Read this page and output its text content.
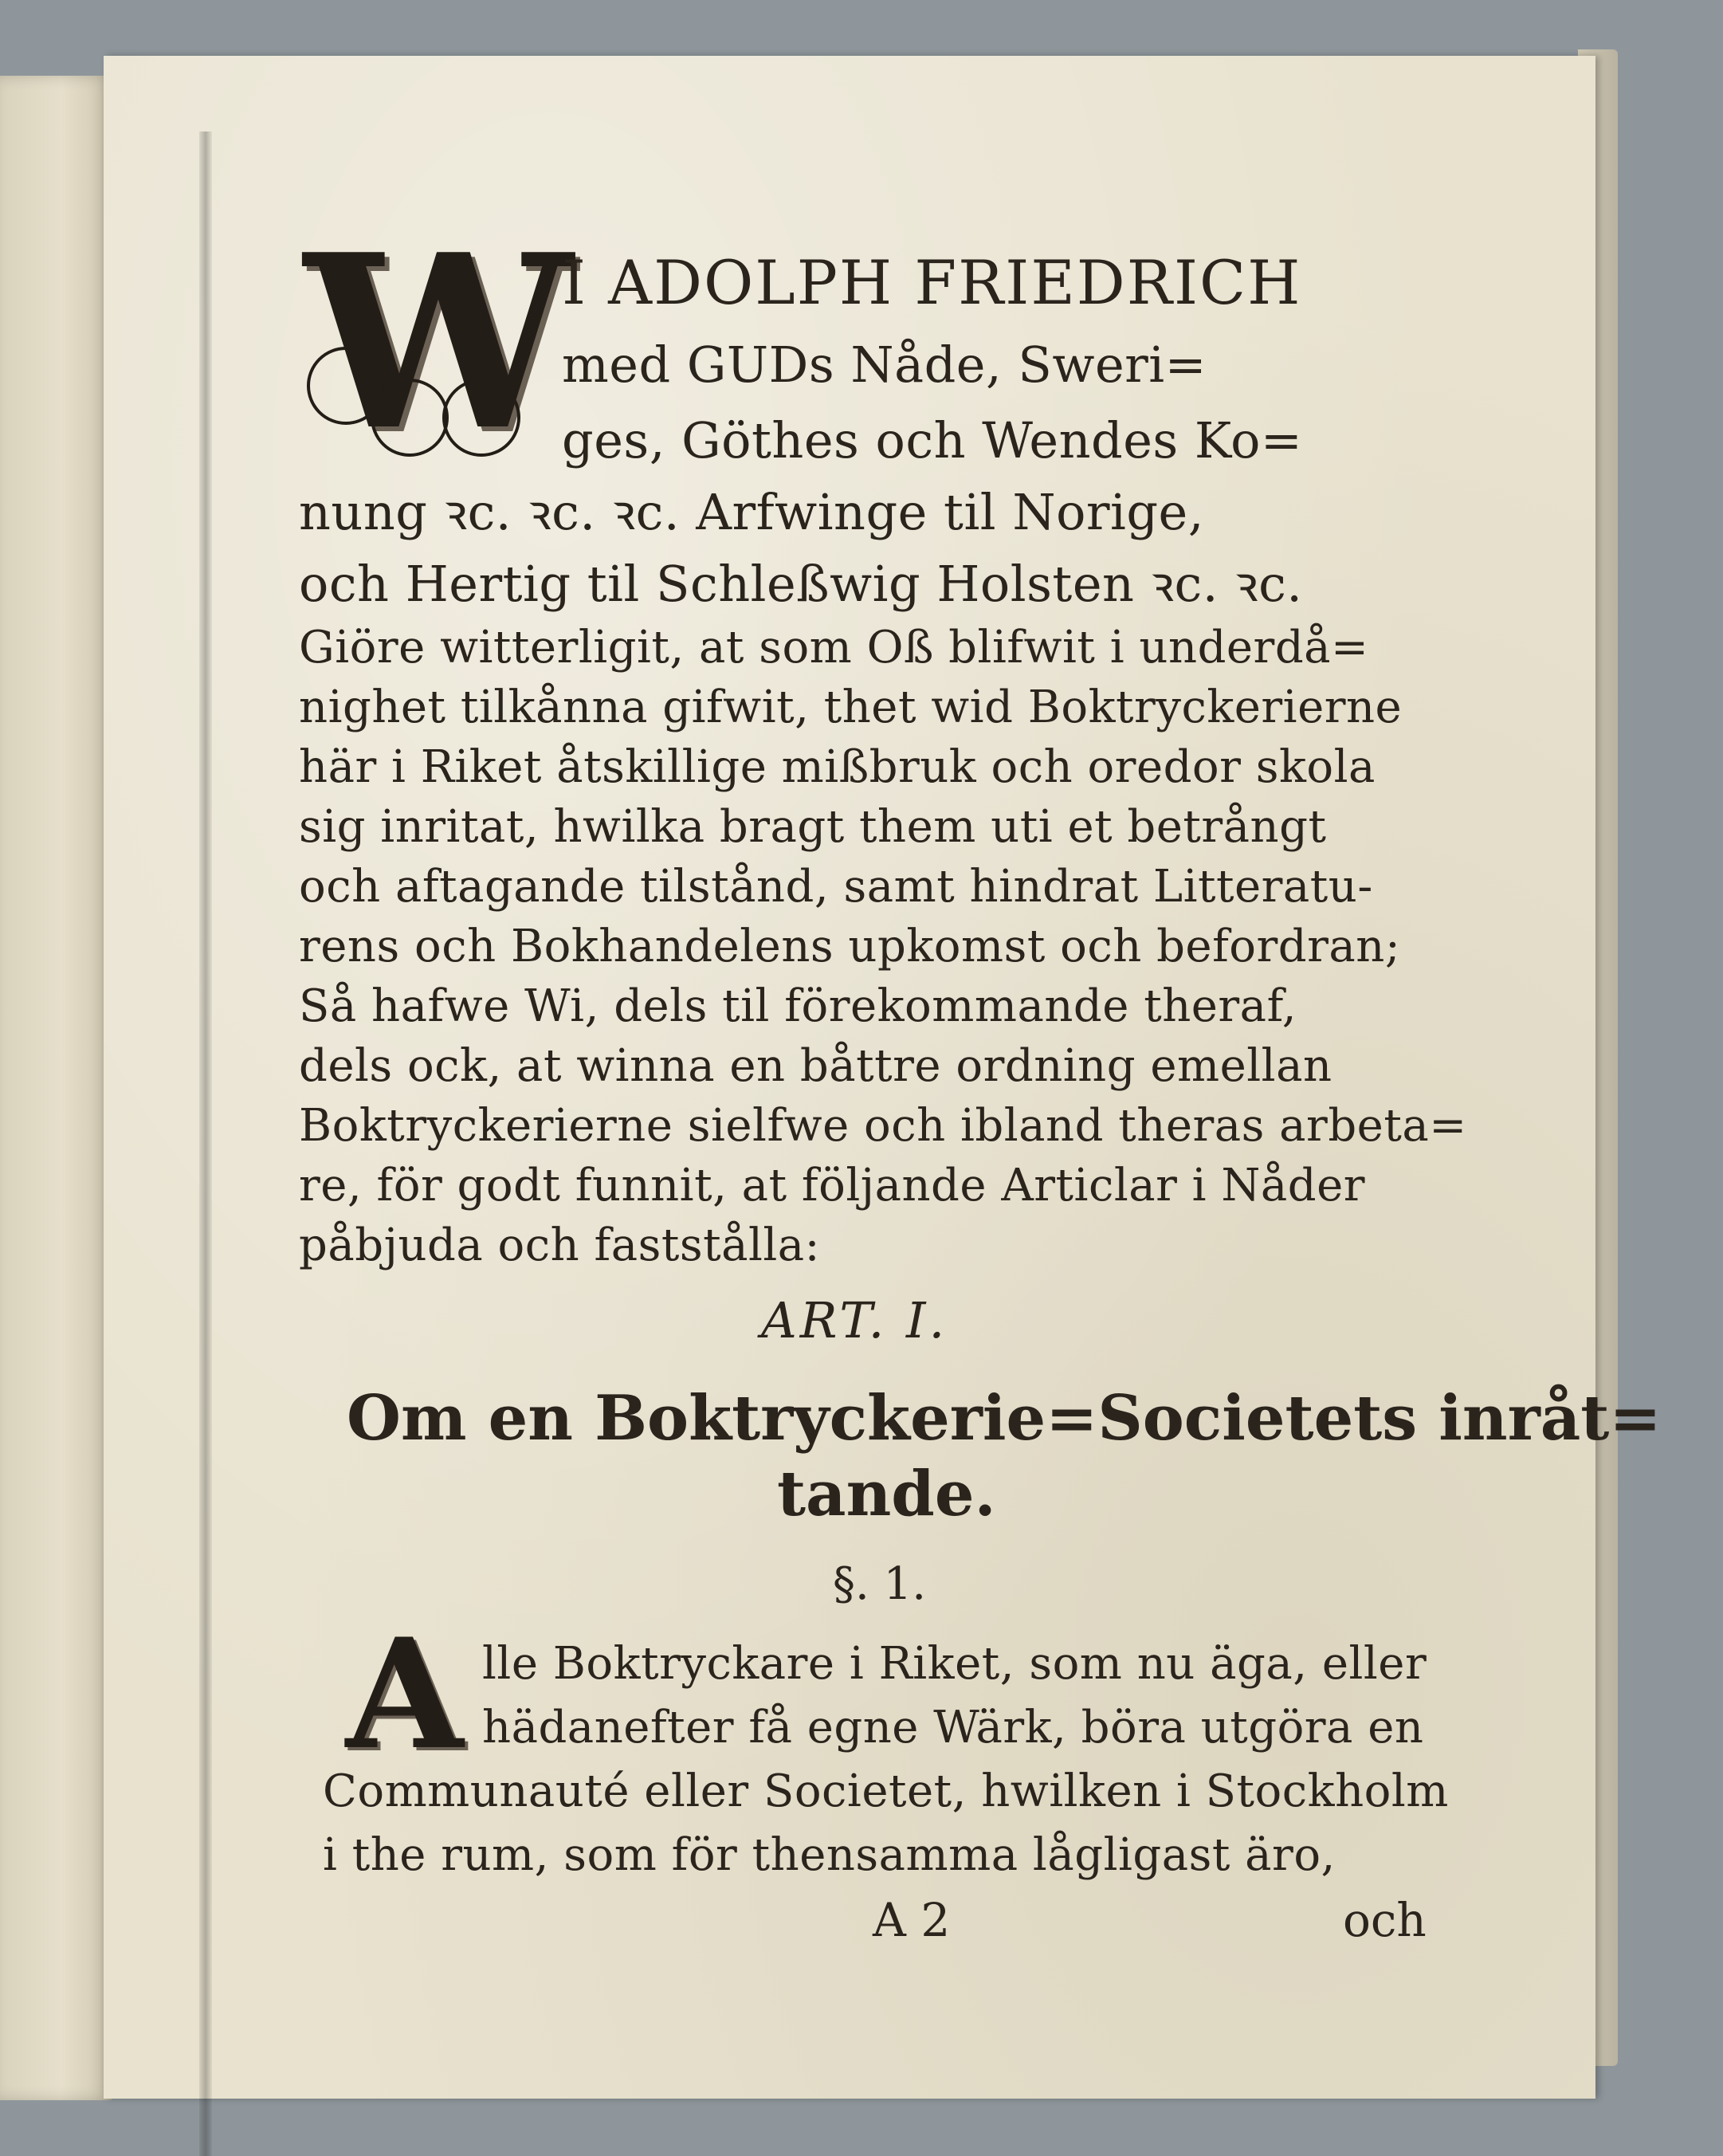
W I ADOLPH FRIEDRICH
med GUDs Nåde, Sweri=
ges, Göthes och Wendes Ko=
nung ꝛc. ꝛc. ꝛc. Arfwinge til Norige,
och Hertig til Schleßwig Holsten ꝛc. ꝛc.
Giöre witterligit, at som Oß blifwit i underdå=
nighet tilkånna gifwit, thet wid Boktryckerierne
här i Riket åtskillige mißbruk och oredor skola
sig inritat, hwilka bragt them uti et betrångt
och aftagande tilstånd, samt hindrat Litteratu-
rens och Bokhandelens upkomst och befordran;
Så hafwe Wi, dels til förekommande theraf,
dels ock, at winna en båttre ordning emellan
Boktryckerierne sielfwe och ibland theras arbeta=
re, för godt funnit, at följande Articlar i Nåder
påbjuda och faststålla:
ART. I.
Om en Boktryckerie=Societets inråt=
tande.
§. 1.
A lle Boktryckare i Riket, som nu äga, eller
hädanefter få egne Wärk, böra utgöra en
Communauté eller Societet, hwilken i Stockholm
i the rum, som för thensamma lågligast äro,
A 2	och
